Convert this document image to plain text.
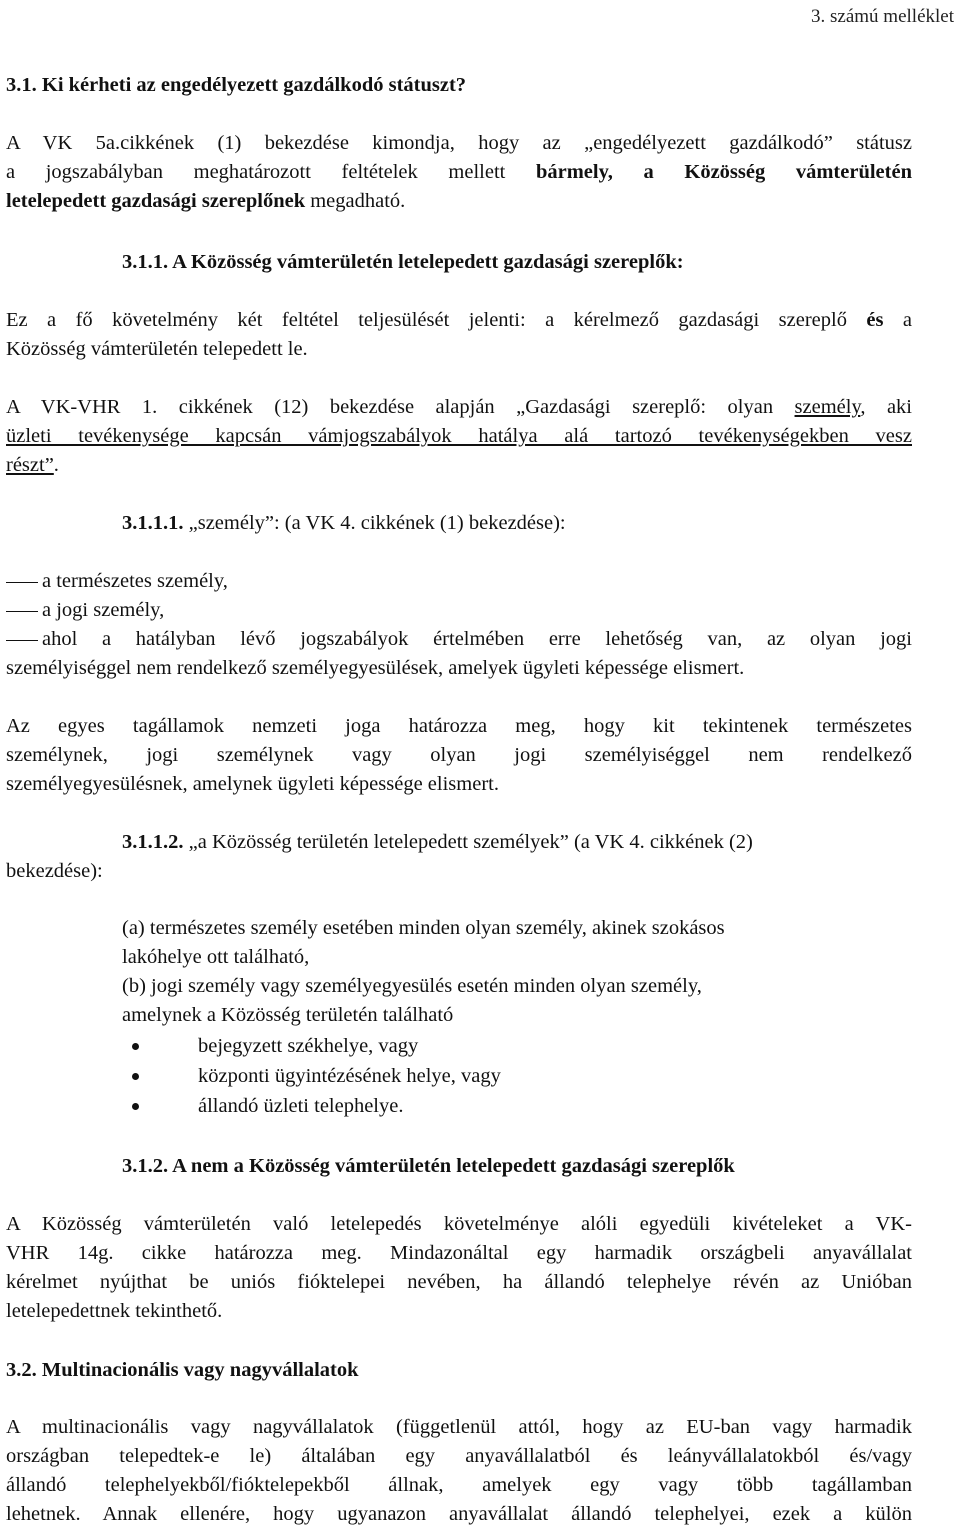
3. számú melléklet
3.1. Ki kérheti az engedélyezett gazdálkodó státuszt?
A VK 5a.cikkének (1) bekezdése kimondja, hogy az „engedélyezett gazdálkodó” státusz
a jogszabályban meghatározott feltételek mellett bármely, a Közösség vámterületén
letelepedett gazdasági szereplőnek megadható.
3.1.1. A Közösség vámterületén letelepedett gazdasági szereplők:
Ez a fő követelmény két feltétel teljesülését jelenti: a kérelmező gazdasági szereplő és a
Közösség vámterületén telepedett le.
A VK-VHR 1. cikkének (12) bekezdése alapján „Gazdasági szereplő: olyan személy, aki
üzleti tevékenysége kapcsán vámjogszabályok hatálya alá tartozó tevékenységekben vesz
részt”.
3.1.1.1. „személy”: (a VK 4. cikkének (1) bekezdése):
a természetes személy,
a jogi személy,
ahol a hatályban lévő jogszabályok értelmében erre lehetőség van, az olyan jogi
személyiséggel nem rendelkező személyegyesülések, amelyek ügyleti képessége elismert.
Az egyes tagállamok nemzeti joga határozza meg, hogy kit tekintenek természetes
személynek, jogi személynek vagy olyan jogi személyiséggel nem rendelkező
személyegyesülésnek, amelynek ügyleti képessége elismert.
3.1.1.2. „a Közösség területén letelepedett személyek” (a VK 4. cikkének (2)
bekezdése):
(a) természetes személy esetében minden olyan személy, akinek szokásos
lakóhelye ott található,
(b) jogi személy vagy személyegyesülés esetén minden olyan személy,
amelynek a Közösség területén található
bejegyzett székhelye, vagy
központi ügyintézésének helye, vagy
állandó üzleti telephelye.
3.1.2. A nem a Közösség vámterületén letelepedett gazdasági szereplők
A Közösség vámterületén való letelepedés követelménye alóli egyedüli kivételeket a VK-
VHR 14g. cikke határozza meg. Mindazonáltal egy harmadik országbeli anyavállalat
kérelmet nyújthat be uniós fióktelepei nevében, ha állandó telephelye révén az Unióban
letelepedettnek tekinthető.
3.2. Multinacionális vagy nagyvállalatok
A multinacionális vagy nagyvállalatok (függetlenül attól, hogy az EU-ban vagy harmadik
országban telepedtek-e le) általában egy anyavállalatból és leányvállalatokból és/vagy
állandó telephelyekből/fióktelepekből állnak, amelyek egy vagy több tagállamban
lehetnek. Annak ellenére, hogy ugyanazon anyavállalat állandó telephelyei, ezek a külön
